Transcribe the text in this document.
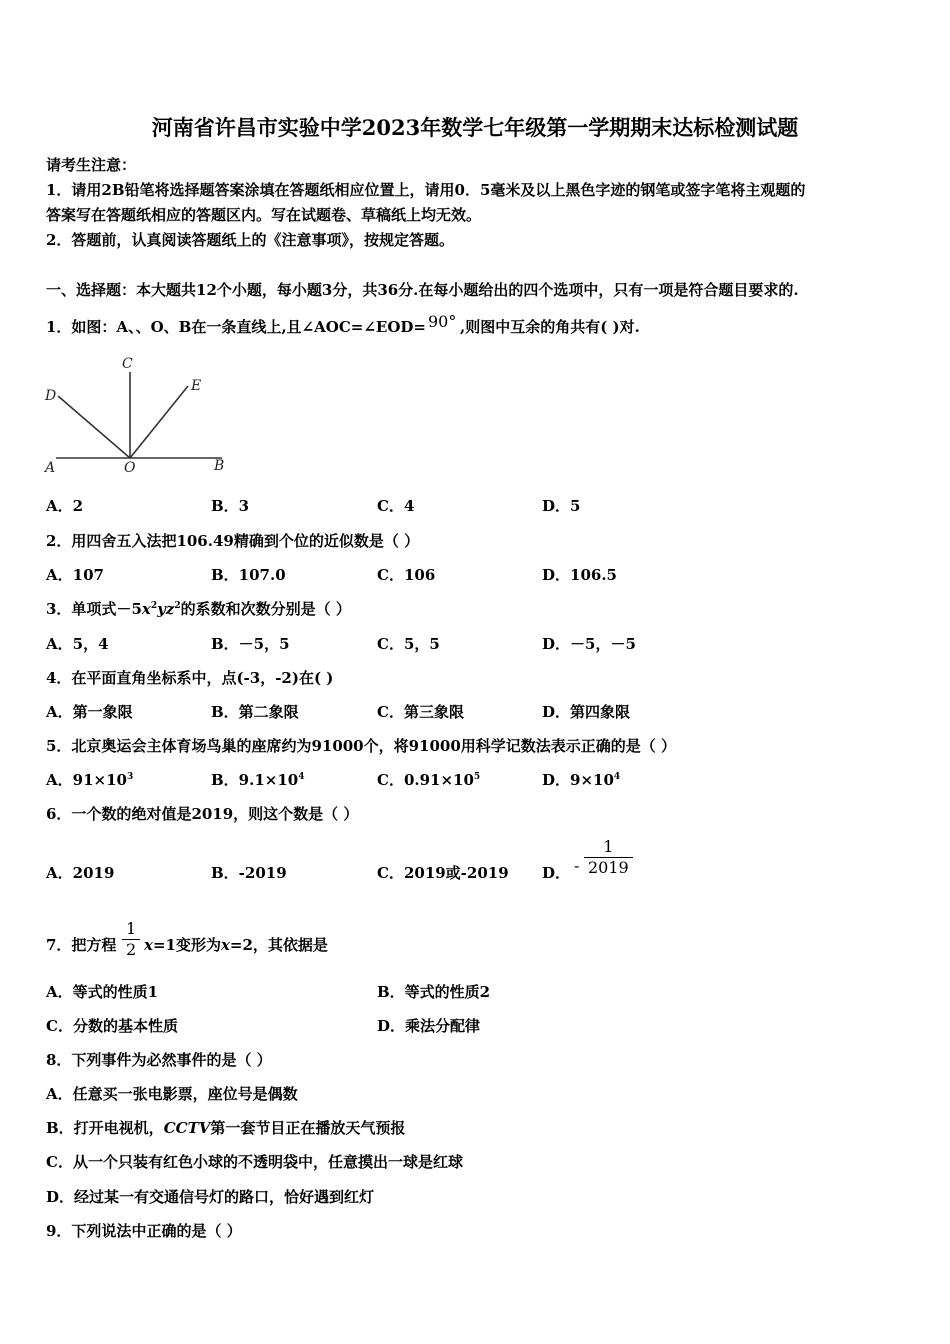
河南省许昌市实验中学2023年数学七年级第一学期期末达标检测试题
请考生注意：
1．请用2B铅笔将选择题答案涂填在答题纸相应位置上，请用0．5毫米及以上黑色字迹的钢笔或签字笔将主观题的
答案写在答题纸相应的答题区内。写在试题卷、草稿纸上均无效。
2．答题前，认真阅读答题纸上的《注意事项》，按规定答题。
一、选择题：本大题共12个小题，每小题3分，共36分.在每小题给出的四个选项中，只有一项是符合题目要求的.
1．如图：A、、O、B在一条直线上,且∠AOC=∠EOD= 90° ,则图中互余的角共有( )对.
C
D
E
A	O	B
A．2	B．3	C．4	D．5
2．用四舍五入法把106.49精确到个位的近似数是（ ）
A．107	B．107.0	C．106	D．106.5
3．单项式$-5x^2yz^2$的系数和次数分别是（ ）
A．5，4	B．－5，5	C．5，5	D．－5，－5
4．在平面直角坐标系中，点(-3，-2)在( )
A．第一象限	B．第二象限	C．第三象限	D．第四象限
5．北京奥运会主体育场鸟巢的座席约为91000个，将91000用科学记数法表示正确的是（ ）
A．$91\times 10^3$	B．$9.1\times 10^4$	C．$0.91\times 10^5$	D．$9\times 10^4$
6．一个数的绝对值是2019，则这个数是（ ）
A．2019	B．-2019	C．2019或-2019 D． - $\frac{1}{2019}$
7．把方程 $\frac{1}{2} x=1$变形为x=2，其依据是
A．等式的性质1	B．等式的性质2
C．分数的基本性质	D．乘法分配律
8．下列事件为必然事件的是（ ）
A．任意买一张电影票，座位号是偶数
B．打开电视机，CCTV第一套节目正在播放天气预报
C．从一个只装有红色小球的不透明袋中，任意摸出一球是红球
D．经过某一有交通信号灯的路口，恰好遇到红灯
9．下列说法中正确的是（ ）
